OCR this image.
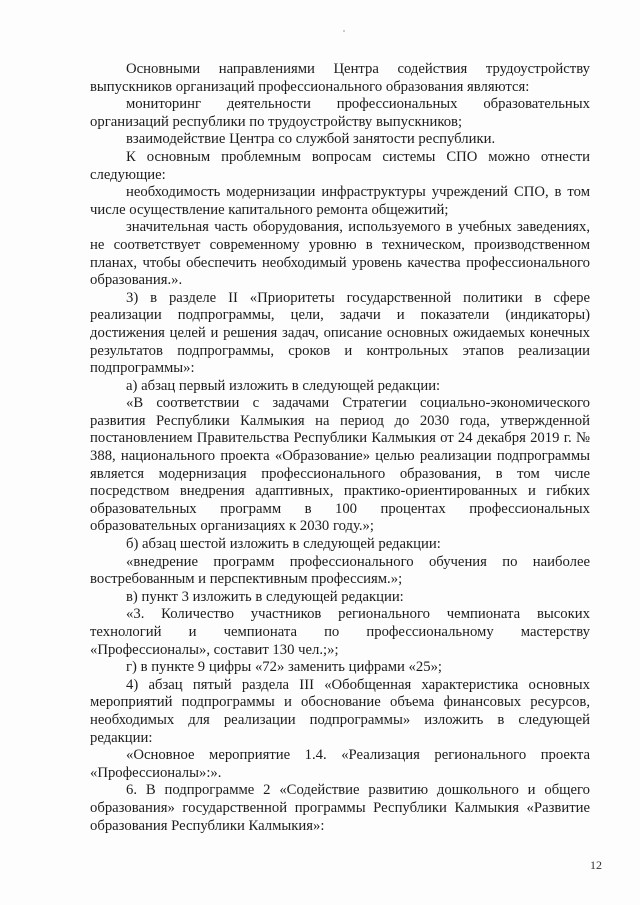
Основными направлениями Центра содействия трудоустройству выпускников организаций профессионального образования являются:

мониторинг деятельности профессиональных образовательных организаций республики по трудоустройству выпускников;

взаимодействие Центра со службой занятости республики.

К основным проблемным вопросам системы СПО можно отнести следующие:

необходимость модернизации инфраструктуры учреждений СПО, в том числе осуществление капитального ремонта общежитий;

значительная часть оборудования, используемого в учебных заведениях, не соответствует современному уровню в техническом, производственном планах, чтобы обеспечить необходимый уровень качества профессионального образования.».

3) в разделе II «Приоритеты государственной политики в сфере реализации подпрограммы, цели, задачи и показатели (индикаторы) достижения целей и решения задач, описание основных ожидаемых конечных результатов подпрограммы, сроков и контрольных этапов реализации подпрограммы»:

а) абзац первый изложить в следующей редакции:

«В соответствии с задачами Стратегии социально-экономического развития Республики Калмыкия на период до 2030 года, утвержденной постановлением Правительства Республики Калмыкия от 24 декабря 2019 г. № 388, национального проекта «Образование» целью реализации подпрограммы является модернизация профессионального образования, в том числе посредством внедрения адаптивных, практико-ориентированных и гибких образовательных программ в 100 процентах профессиональных образовательных организациях к 2030 году.»;

б) абзац шестой изложить в следующей редакции:

«внедрение программ профессионального обучения по наиболее востребованным и перспективным профессиям.»;

в) пункт 3 изложить в следующей редакции:

«3. Количество участников регионального чемпионата высоких технологий и чемпионата по профессиональному мастерству «Профессионалы», составит 130 чел.;»;

г) в пункте 9 цифры «72» заменить цифрами «25»;

4) абзац пятый раздела III «Обобщенная характеристика основных мероприятий подпрограммы и обоснование объема финансовых ресурсов, необходимых для реализации подпрограммы» изложить в следующей редакции:

«Основное мероприятие 1.4. «Реализация регионального проекта «Профессионалы»:».

6. В подпрограмме 2 «Содействие развитию дошкольного и общего образования» государственной программы Республики Калмыкия «Развитие образования Республики Калмыкия»:

12
